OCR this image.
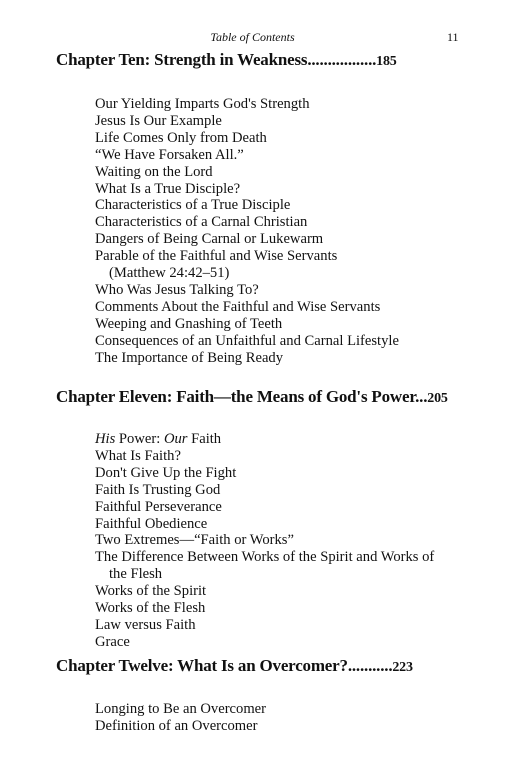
Table of Contents	11
Chapter Ten: Strength in Weakness.................185
Our Yielding Imparts God's Strength
Jesus Is Our Example
Life Comes Only from Death
“We Have Forsaken All.”
Waiting on the Lord
What Is a True Disciple?
Characteristics of a True Disciple
Characteristics of a Carnal Christian
Dangers of Being Carnal or Lukewarm
Parable of the Faithful and Wise Servants
(Matthew 24:42–51)
Who Was Jesus Talking To?
Comments About the Faithful and Wise Servants
Weeping and Gnashing of Teeth
Consequences of an Unfaithful and Carnal Lifestyle
The Importance of Being Ready
Chapter Eleven: Faith—the Means of God's Power...205
His Power: Our Faith
What Is Faith?
Don't Give Up the Fight
Faith Is Trusting God
Faithful Perseverance
Faithful Obedience
Two Extremes—“Faith or Works”
The Difference Between Works of the Spirit and Works of
the Flesh
Works of the Spirit
Works of the Flesh
Law versus Faith
Grace
Chapter Twelve: What Is an Overcomer?...........223
Longing to Be an Overcomer
Definition of an Overcomer
